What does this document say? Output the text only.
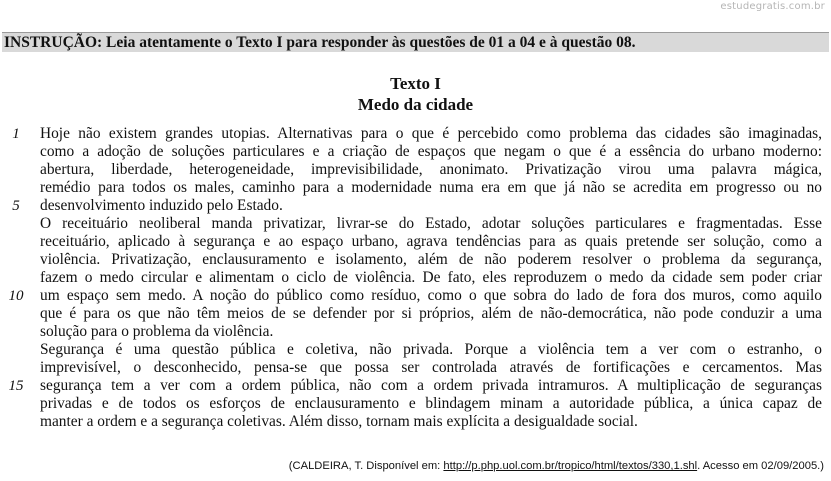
estudegratis.com.br
INSTRUÇÃO: Leia atentamente o Texto I para responder às questões de 01 a 04 e à questão 08.
Texto I
Medo da cidade
1	Hoje não existem grandes utopias. Alternativas para o que é percebido como problema das cidades são imaginadas,
como a adoção de soluções particulares e a criação de espaços que negam o que é a essência do urbano moderno:
abertura, liberdade, heterogeneidade, imprevisibilidade, anonimato. Privatização virou uma palavra mágica,
remédio para todos os males, caminho para a modernidade numa era em que já não se acredita em progresso ou no
5	desenvolvimento induzido pelo Estado.
O receituário neoliberal manda privatizar, livrar-se do Estado, adotar soluções particulares e fragmentadas. Esse
receituário, aplicado à segurança e ao espaço urbano, agrava tendências para as quais pretende ser solução, como a
violência. Privatização, enclausuramento e isolamento, além de não poderem resolver o problema da segurança,
fazem o medo circular e alimentam o ciclo de violência. De fato, eles reproduzem o medo da cidade sem poder criar
10 um espaço sem medo. A noção do público como resíduo, como o que sobra do lado de fora dos muros, como aquilo
que é para os que não têm meios de se defender por si próprios, além de não-democrática, não pode conduzir a uma
solução para o problema da violência.
Segurança é uma questão pública e coletiva, não privada. Porque a violência tem a ver com o estranho, o
imprevisível, o desconhecido, pensa-se que possa ser controlada através de fortificações e cercamentos. Mas
15 segurança tem a ver com a ordem pública, não com a ordem privada intramuros. A multiplicação de seguranças
privadas e de todos os esforços de enclausuramento e blindagem minam a autoridade pública, a única capaz de
manter a ordem e a segurança coletivas. Além disso, tornam mais explícita a desigualdade social.
(CALDEIRA, T. Disponível em: http://p.php.uol.com.br/tropico/html/textos/330,1.shl. Acesso em 02/09/2005.)
